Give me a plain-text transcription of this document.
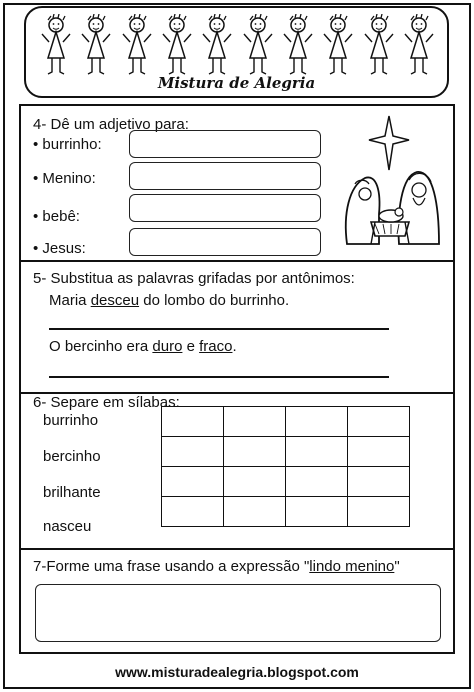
Mistura de Alegria
4- Dê um adjetivo para:
• burrinho:
• Menino:
• bebê:
• Jesus:
5- Substitua as palavras grifadas por antônimos:
Maria desceu do lombo do burrinho.
O bercinho era duro e fraco.
6- Separe em sílabas:
burrinho
bercinho
brilhante
nasceu

7-Forme uma frase usando a expressão "lindo menino"
www.misturadealegria.blogspot.com
